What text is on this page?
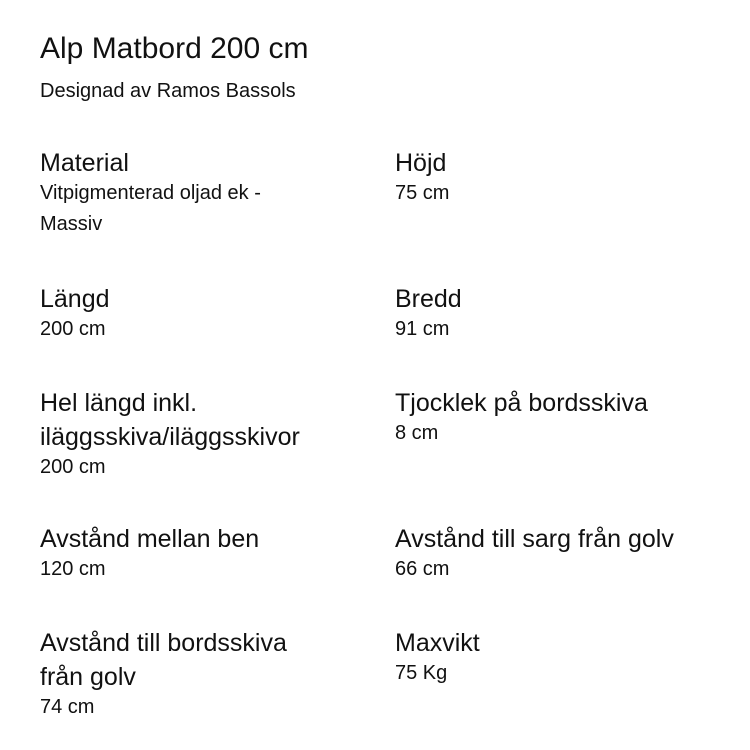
Alp Matbord 200 cm
Designad av Ramos Bassols
Material
Vitpigmenterad oljad ek -
Massiv
Höjd
75 cm
Längd
200 cm
Bredd
91 cm
Hel längd inkl.
iläggsskiva/iläggsskivor
200 cm
Tjocklek på bordsskiva
8 cm
Avstånd mellan ben
120 cm
Avstånd till sarg från golv
66 cm
Avstånd till bordsskiva
från golv
74 cm
Maxvikt
75 Kg
